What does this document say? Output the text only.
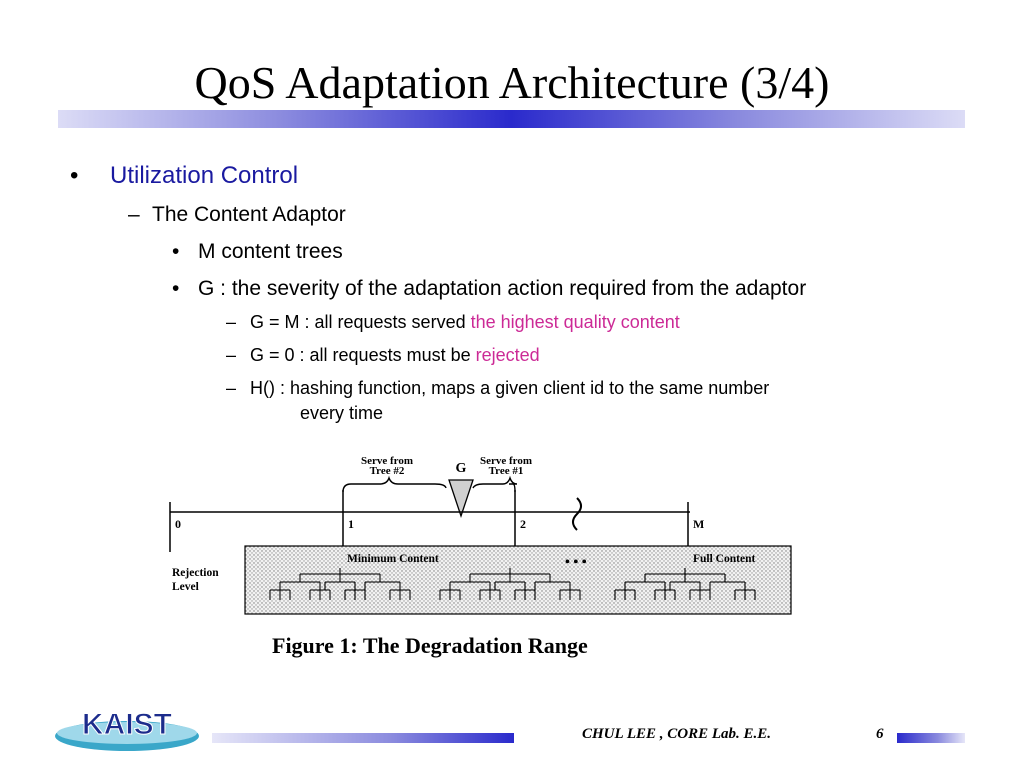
QoS Adaptation Architecture (3/4)
• Utilization Control
– The Content Adaptor
• M content trees
• G : the severity of the adaptation action required from the adaptor
– G = M : all requests served the highest quality content
– G = 0 : all requests must be rejected
– H() : hashing function, maps a given client id to the same number
every time
Serve from
Tree #2	G Serve from
Tree #1
0	1	2	M
Rejection
Level
Minimum Content	• • •	Full Content
Figure 1: The Degradation Range
KAIST	CHUL LEE , CORE Lab. E.E.	6
